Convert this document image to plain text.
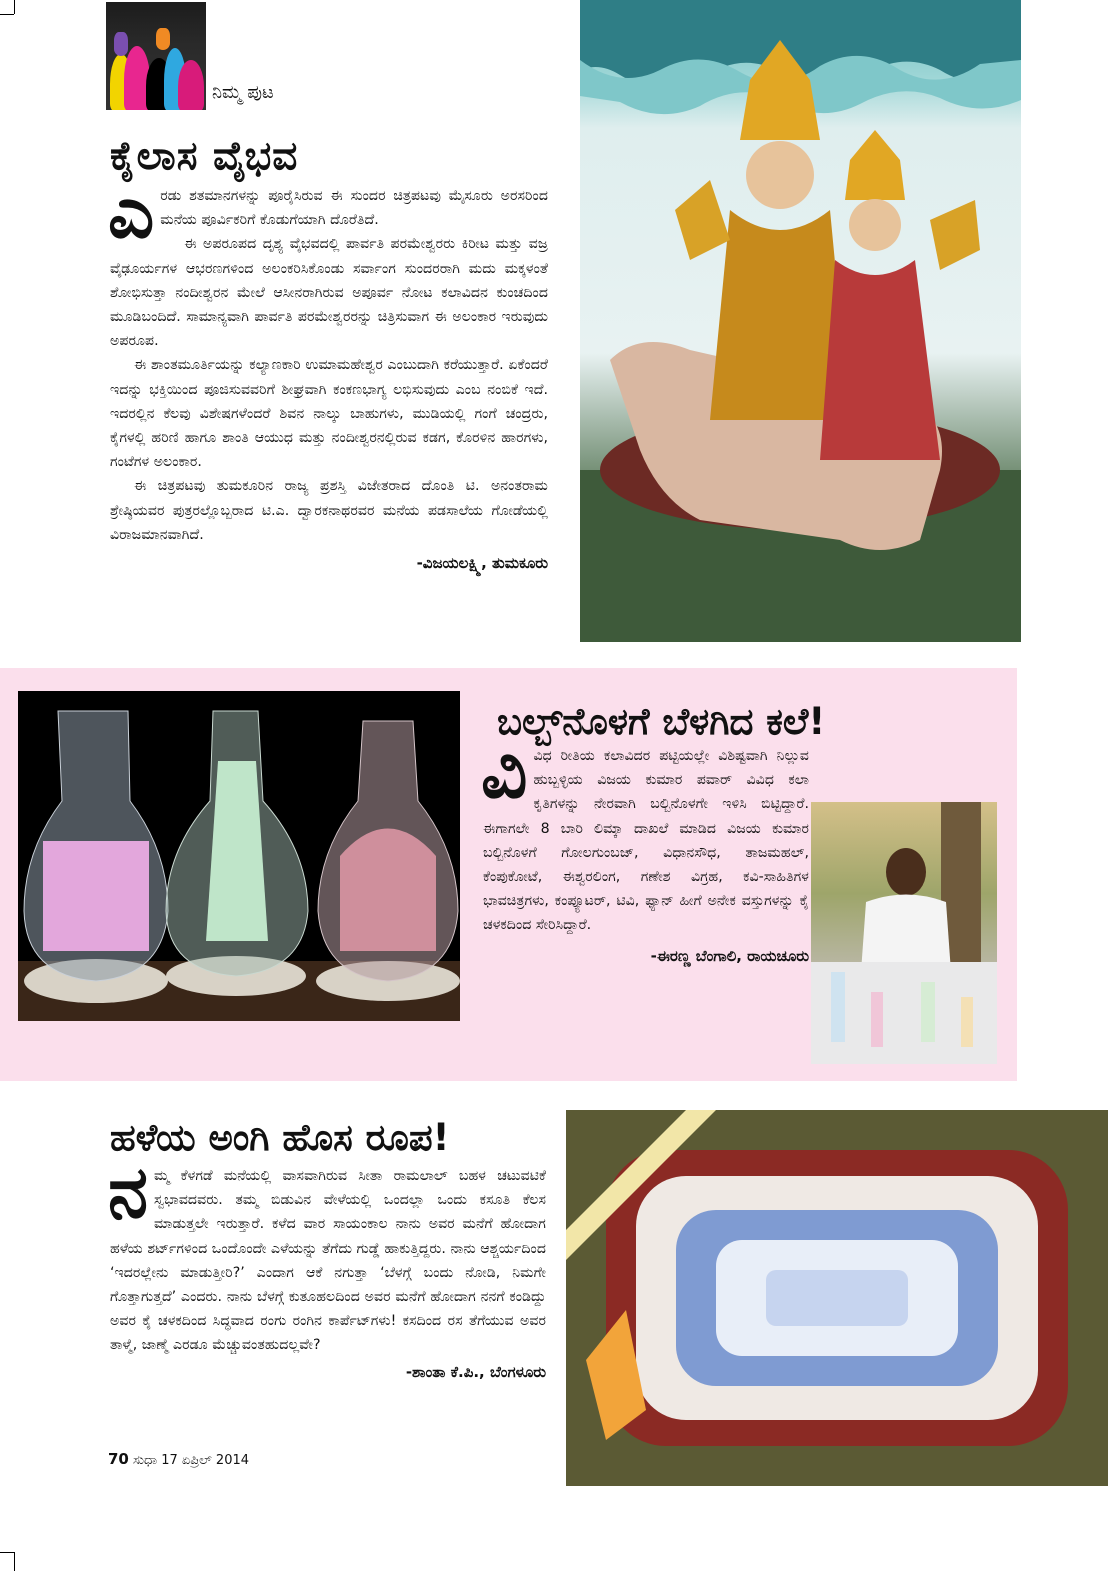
ನಿಮ್ಮ ಪುಟ
ಕೈಲಾಸ ವೈಭವ
ಎರಡು ಶತಮಾನಗಳನ್ನು ಪೂರೈಸಿರುವ ಈ ಸುಂದರ ಚಿತ್ರಪಟವು ಮೈಸೂರು ಅರಸರಿಂದ ಮನೆಯ ಪೂರ್ವಿಕರಿಗೆ ಕೊಡುಗೆಯಾಗಿ ದೊರೆತಿದೆ.
ಈ ಅಪರೂಪದ ದೃಶ್ಯ ವೈಭವದಲ್ಲಿ ಪಾರ್ವತಿ ಪರಮೇಶ್ವರರು ಕಿರೀಟ ಮತ್ತು ವಜ್ರ ವೈಢೂರ್ಯಗಳ ಆಭರಣಗಳಿಂದ ಅಲಂಕರಿಸಿಕೊಂಡು ಸರ್ವಾಂಗ ಸುಂದರರಾಗಿ ಮದು ಮಕ್ಕಳಂತೆ ಶೋಭಿಸುತ್ತಾ ನಂದೀಶ್ವರನ ಮೇಲೆ ಆಸೀನರಾಗಿರುವ ಅಪೂರ್ವ ನೋಟ ಕಲಾವಿದನ ಕುಂಚದಿಂದ ಮೂಡಿಬಂದಿದೆ. ಸಾಮಾನ್ಯವಾಗಿ ಪಾರ್ವತಿ ಪರಮೇಶ್ವರರನ್ನು ಚಿತ್ರಿಸುವಾಗ ಈ ಅಲಂಕಾರ ಇರುವುದು ಅಪರೂಪ.
ಈ ಶಾಂತಮೂರ್ತಿಯನ್ನು ಕಲ್ಯಾಣಕಾರಿ ಉಮಾಮಹೇಶ್ವರ ಎಂಬುದಾಗಿ ಕರೆಯುತ್ತಾರೆ. ಏಕೆಂದರೆ ಇದನ್ನು ಭಕ್ತಿಯಿಂದ ಪೂಜಿಸುವವರಿಗೆ ಶೀಘ್ರವಾಗಿ ಕಂಕಣಭಾಗ್ಯ ಲಭಿಸುವುದು ಎಂಬ ನಂಬಿಕೆ ಇದೆ. ಇದರಲ್ಲಿನ ಕೆಲವು ವಿಶೇಷಗಳೆಂದರೆ ಶಿವನ ನಾಲ್ಕು ಬಾಹುಗಳು, ಮುಡಿಯಲ್ಲಿ ಗಂಗೆ ಚಂದ್ರರು, ಕೈಗಳಲ್ಲಿ ಹರಿಣಿ ಹಾಗೂ ಶಾಂತಿ ಆಯುಧ ಮತ್ತು ನಂದೀಶ್ವರನಲ್ಲಿರುವ ಕಡಗ, ಕೊರಳಿನ ಹಾರಗಳು, ಗಂಟೆಗಳ ಅಲಂಕಾರ.
ಈ ಚಿತ್ರಪಟವು ತುಮಕೂರಿನ ರಾಜ್ಯ ಪ್ರಶಸ್ತಿ ವಿಜೇತರಾದ ದೊಂತಿ ಟಿ. ಅನಂತರಾಮ ಶ್ರೇಷ್ಠಿಯವರ ಪುತ್ರರಲ್ಲೊಬ್ಬರಾದ ಟಿ.ಎ. ದ್ವಾರಕನಾಥರವರ ಮನೆಯ ಪಡಸಾಲೆಯ ಗೋಡೆಯಲ್ಲಿ ವಿರಾಜಮಾನವಾಗಿದೆ.
-ವಿಜಯಲಕ್ಷ್ಮಿ, ತುಮಕೂರು
ಬಲ್ಬ್‌ನೊಳಗೆ ಬೆಳಗಿದ ಕಲೆ!
ವಿವಿಧ ರೀತಿಯ ಕಲಾವಿದರ ಪಟ್ಟಿಯಲ್ಲೇ ವಿಶಿಷ್ಟವಾಗಿ ನಿಲ್ಲುವ ಹುಬ್ಬಳ್ಳಿಯ ವಿಜಯ ಕುಮಾರ ಪವಾರ್ ವಿವಿಧ ಕಲಾ ಕೃತಿಗಳನ್ನು ನೇರವಾಗಿ ಬಲ್ಬಿನೊಳಗೇ ಇಳಿಸಿ ಬಿಟ್ಟಿದ್ದಾರೆ. ಈಗಾಗಲೇ 8 ಬಾರಿ ಲಿಮ್ಕಾ ದಾಖಲೆ ಮಾಡಿದ ವಿಜಯ ಕುಮಾರ ಬಲ್ಬಿನೊಳಗೆ ಗೋಲಗುಂಬಜ್, ವಿಧಾನಸೌಧ, ತಾಜಮಹಲ್, ಕೆಂಪುಕೋಟೆ, ಈಶ್ವರಲಿಂಗ, ಗಣೇಶ ವಿಗ್ರಹ, ಕವಿ-ಸಾಹಿತಿಗಳ ಭಾವಚಿತ್ರಗಳು, ಕಂಪ್ಯೂಟರ್, ಟಿವಿ, ಫ್ಯಾನ್ ಹೀಗೆ ಅನೇಕ ವಸ್ತುಗಳನ್ನು ಕೈ ಚಳಕದಿಂದ ಸೇರಿಸಿದ್ದಾರೆ.
-ಈರಣ್ಣ ಬೆಂಗಾಲಿ, ರಾಯಚೂರು
ಹಳೆಯ ಅಂಗಿ ಹೊಸ ರೂಪ!
ನಮ್ಮ ಕೆಳಗಡೆ ಮನೆಯಲ್ಲಿ ವಾಸವಾಗಿರುವ ಸೀತಾ ರಾಮಲಾಲ್ ಬಹಳ ಚಟುವಟಿಕೆ ಸ್ವಭಾವದವರು. ತಮ್ಮ ಬಿಡುವಿನ ವೇಳೆಯಲ್ಲಿ ಒಂದಲ್ಲಾ ಒಂದು ಕಸೂತಿ ಕೆಲಸ ಮಾಡುತ್ತಲೇ ಇರುತ್ತಾರೆ. ಕಳೆದ ವಾರ ಸಾಯಂಕಾಲ ನಾನು ಅವರ ಮನೆಗೆ ಹೋದಾಗ ಹಳೆಯ ಶರ್ಟ್‌ಗಳಿಂದ ಒಂದೊಂದೇ ಎಳೆಯನ್ನು ತೆಗೆದು ಗುಡ್ಡೆ ಹಾಕುತ್ತಿದ್ದರು. ನಾನು ಆಶ್ಚರ್ಯದಿಂದ ‘ಇದರಲ್ಲೇನು ಮಾಡುತ್ತೀರಿ?’ ಎಂದಾಗ ಆಕೆ ನಗುತ್ತಾ ‘ಬೆಳಗ್ಗೆ ಬಂದು ನೋಡಿ, ನಿಮಗೇ ಗೊತ್ತಾಗುತ್ತದೆ’ ಎಂದರು. ನಾನು ಬೆಳಗ್ಗೆ ಕುತೂಹಲದಿಂದ ಅವರ ಮನೆಗೆ ಹೋದಾಗ ನನಗೆ ಕಂಡಿದ್ದು ಅವರ ಕೈ ಚಳಕದಿಂದ ಸಿದ್ಧವಾದ ರಂಗು ರಂಗಿನ ಕಾರ್ಪೆಟ್‌ಗಳು! ಕಸದಿಂದ ರಸ ತೆಗೆಯುವ ಅವರ ತಾಳ್ಮೆ, ಜಾಣ್ಮೆ ಎರಡೂ ಮೆಚ್ಚುವಂತಹುದಲ್ಲವೇ?
-ಶಾಂತಾ ಕೆ.ಪಿ., ಬೆಂಗಳೂರು
70 ಸುಧಾ 17 ಏಪ್ರಿಲ್ 2014
